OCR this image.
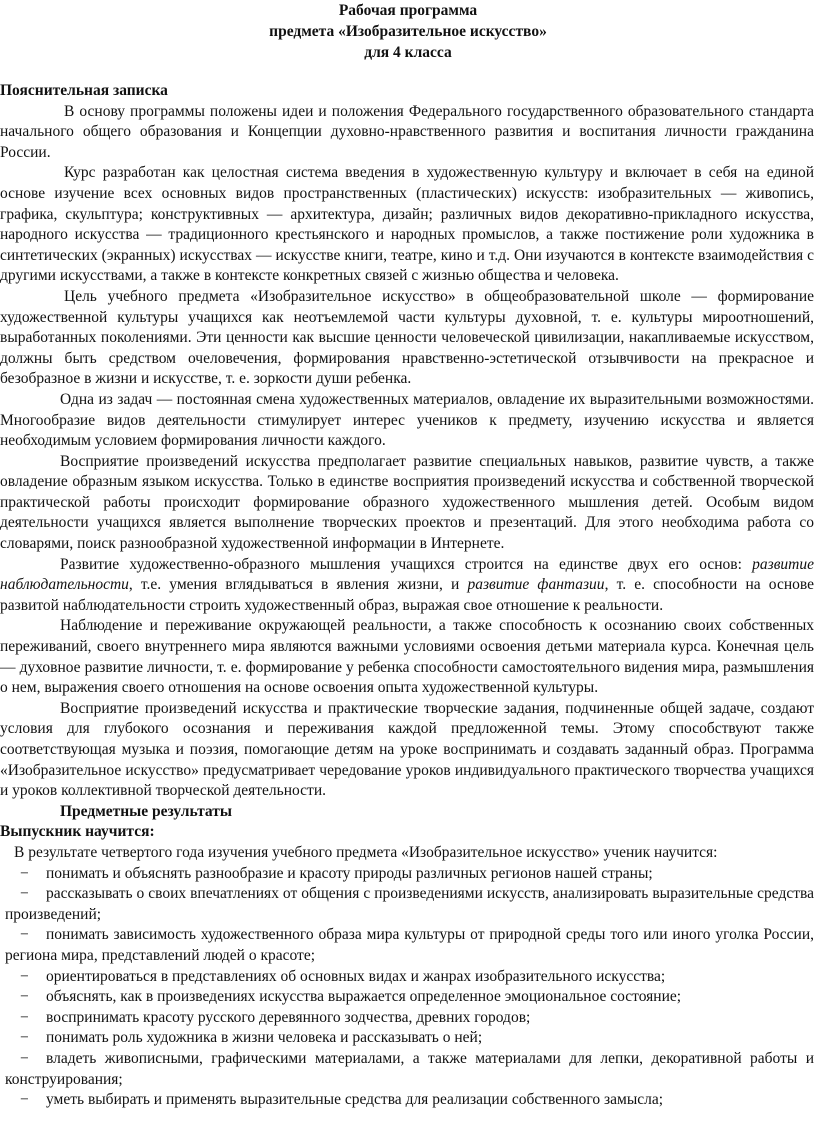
Рабочая программа
предмета «Изобразительное искусство»
для 4 класса

Пояснительная записка

В основу программы положены идеи и положения Федерального государственного образовательного стандарта начального общего образования и Концепции духовно-нравственного развития и воспитания личности гражданина России.

Курс разработан как целостная система введения в художественную культуру и включает в себя на единой основе изучение всех основных видов пространственных (пластических) искусств: изобразительных — живопись, графика, скульптура; конструктивных — архитектура, дизайн; различных видов декоративно-прикладного искусства, народного искусства — традиционного крестьянского и народных промыслов, а также постижение роли художника в синтетических (экранных) искусствах — искусстве книги, театре, кино и т.д. Они изучаются в контексте взаимодействия с другими искусствами, а также в контексте конкретных связей с жизнью общества и человека.

Цель учебного предмета «Изобразительное искусство» в общеобразовательной школе — формирование художественной культуры учащихся как неотъемлемой части культуры духовной, т. е. культуры мироотношений, выработанных поколениями. Эти ценности как высшие ценности человеческой цивилизации, накапливаемые искусством, должны быть средством очеловечения, формирования нравственно-эстетической отзывчивости на прекрасное и безобразное в жизни и искусстве, т. е. зоркости души ребенка.

Одна из задач — постоянная смена художественных материалов, овладение их выразительными возможностями. Многообразие видов деятельности стимулирует интерес учеников к предмету, изучению искусства и является необходимым условием формирования личности каждого.

Восприятие произведений искусства предполагает развитие специальных навыков, развитие чувств, а также овладение образным языком искусства. Только в единстве восприятия произведений искусства и собственной творческой практической работы происходит формирование образного художественного мышления детей. Особым видом деятельности учащихся является выполнение творческих проектов и презентаций. Для этого необходима работа со словарями, поиск разнообразной художественной информации в Интернете.

Развитие художественно-образного мышления учащихся строится на единстве двух его основ: развитие наблюдательности, т.е. умения вглядываться в явления жизни, и развитие фантазии, т. е. способности на основе развитой наблюдательности строить художественный образ, выражая свое отношение к реальности.

Наблюдение и переживание окружающей реальности, а также способность к осознанию своих собственных переживаний, своего внутреннего мира являются важными условиями освоения детьми материала курса. Конечная цель — духовное развитие личности, т. е. формирование у ребенка способности самостоятельного видения мира, размышления о нем, выражения своего отношения на основе освоения опыта художественной культуры.

Восприятие произведений искусства и практические творческие задания, подчиненные общей задаче, создают условия для глубокого осознания и переживания каждой предложенной темы. Этому способствуют также соответствующая музыка и поэзия, помогающие детям на уроке воспринимать и создавать заданный образ. Программа «Изобразительное искусство» предусматривает чередование уроков индивидуального практического творчества учащихся и уроков коллективной творческой деятельности.

Предметные результаты

Выпускник научится:

В результате четвертого года изучения учебного предмета «Изобразительное искусство» ученик научится:

− понимать и объяснять разнообразие и красоту природы различных регионов нашей страны;

− рассказывать о своих впечатлениях от общения с произведениями искусств, анализировать выразительные средства произведений;

− понимать зависимость художественного образа мира культуры от природной среды того или иного уголка России, региона мира, представлений людей о красоте;

− ориентироваться в представлениях об основных видах и жанрах изобразительного искусства;

− объяснять, как в произведениях искусства выражается определенное эмоциональное состояние;

− воспринимать красоту русского деревянного зодчества, древних городов;

− понимать роль художника в жизни человека и рассказывать о ней;

− владеть живописными, графическими материалами, а также материалами для лепки, декоративной работы и конструирования;

− уметь выбирать и применять выразительные средства для реализации собственного замысла;
